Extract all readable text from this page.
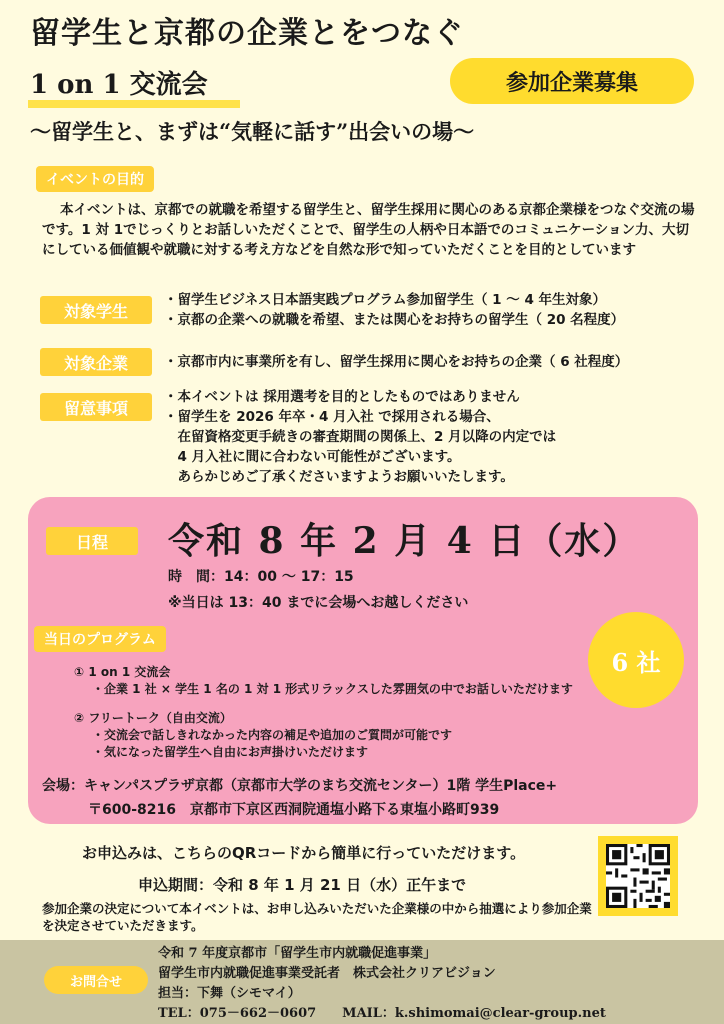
留学生と京都の企業とをつなぐ
1 on 1 交流会	参加企業募集
～留学生と、まずは“気軽に話す”出会いの場～
イベントの目的
本イベントは、京都での就職を希望する留学生と、留学生採用に関心のある京都企業様をつなぐ交流の場です。1 対 1でじっくりとお話しいただくことで、留学生の人柄や日本語でのコミュニケーション力、大切にしている価値観や就職に対する考え方などを自然な形で知っていただくことを目的としています
対象学生
・留学生ビジネス日本語実践プログラム参加留学生（ 1 ～ 4 年生対象）
・京都の企業への就職を希望、または関心をお持ちの留学生（ 20 名程度）
対象企業	・京都市内に事業所を有し、留学生採用に関心をお持ちの企業（ 6 社程度）
留意事項
・本イベントは 採用選考を目的としたものではありません
・留学生を 2026 年卒・4 月入社 で採用される場合、
　在留資格変更手続きの審査期間の関係上、2 月以降の内定では
　4 月入社に間に合わない可能性がございます。
　あらかじめご了承くださいますようお願いいたします。
日程	令和 8 年 2 月 4 日（水）
時　間：14：00 ～ 17：15
※当日は 13：40 までに会場へお越しください
当日のプログラム
6 社
① 1 on 1 交流会
・企業 1 社 × 学生 1 名の 1 対 1 形式リラックスした雰囲気の中でお話しいただけます
② フリートーク（自由交流）
・交流会で話しきれなかった内容の補足や追加のご質問が可能です
・気になった留学生へ自由にお声掛けいただけます
会場：キャンパスプラザ京都（京都市大学のまち交流センター）1階 学生Place+
〒600-8216　京都市下京区西洞院通塩小路下る東塩小路町939
お申込みは、こちらのQRコードから簡単に行っていただけます。
申込期間：令和 8 年 1 月 21 日（水）正午まで
参加企業の決定について本イベントは、お申し込みいただいた企業様の中から抽選により参加企業を決定させていただきます。
お問合せ
令和 7 年度京都市「留学生市内就職促進事業」
留学生市内就職促進事業受託者　株式会社クリアビジョン
担当：下舞（シモマイ）
TEL：075－662－0607　　MAIL：k.shimomai@clear-group.net
